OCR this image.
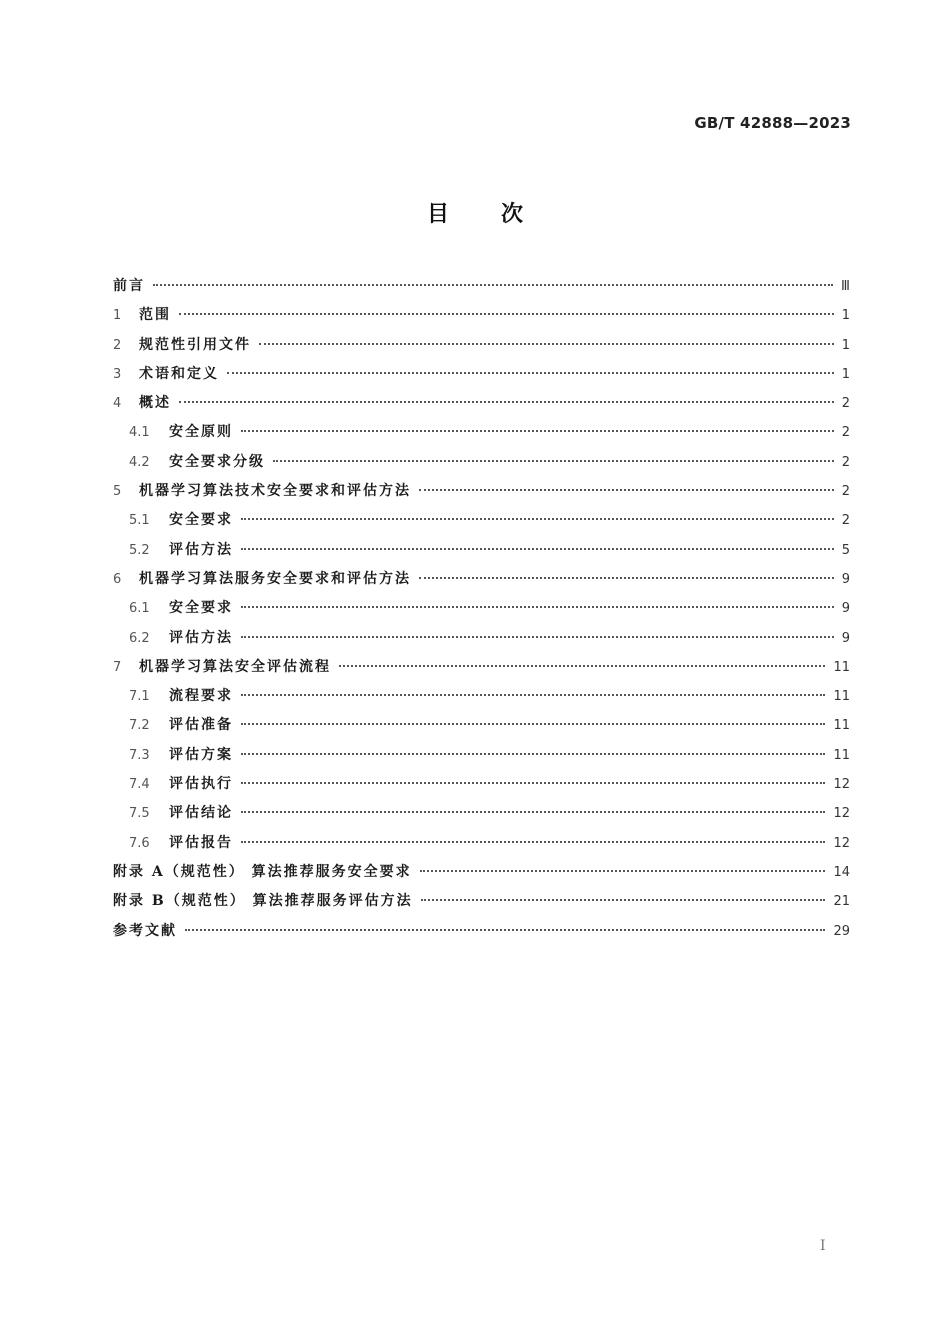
GB/T 42888—2023
目 次
前言	Ⅲ
1	范围	1
2	规范性引用文件	1
3	术语和定义	1
4	概述	2
4.1	安全原则	2
4.2	安全要求分级	2
5	机器学习算法技术安全要求和评估方法	2
5.1	安全要求	2
5.2	评估方法	5
6	机器学习算法服务安全要求和评估方法	9
6.1	安全要求	9
6.2	评估方法	9
7	机器学习算法安全评估流程	11
7.1	流程要求	11
7.2	评估准备	11
7.3	评估方案	11
7.4	评估执行	12
7.5	评估结论	12
7.6	评估报告	12
附录 A（规范性） 算法推荐服务安全要求	14
附录 B（规范性） 算法推荐服务评估方法	21
参考文献	29
I
